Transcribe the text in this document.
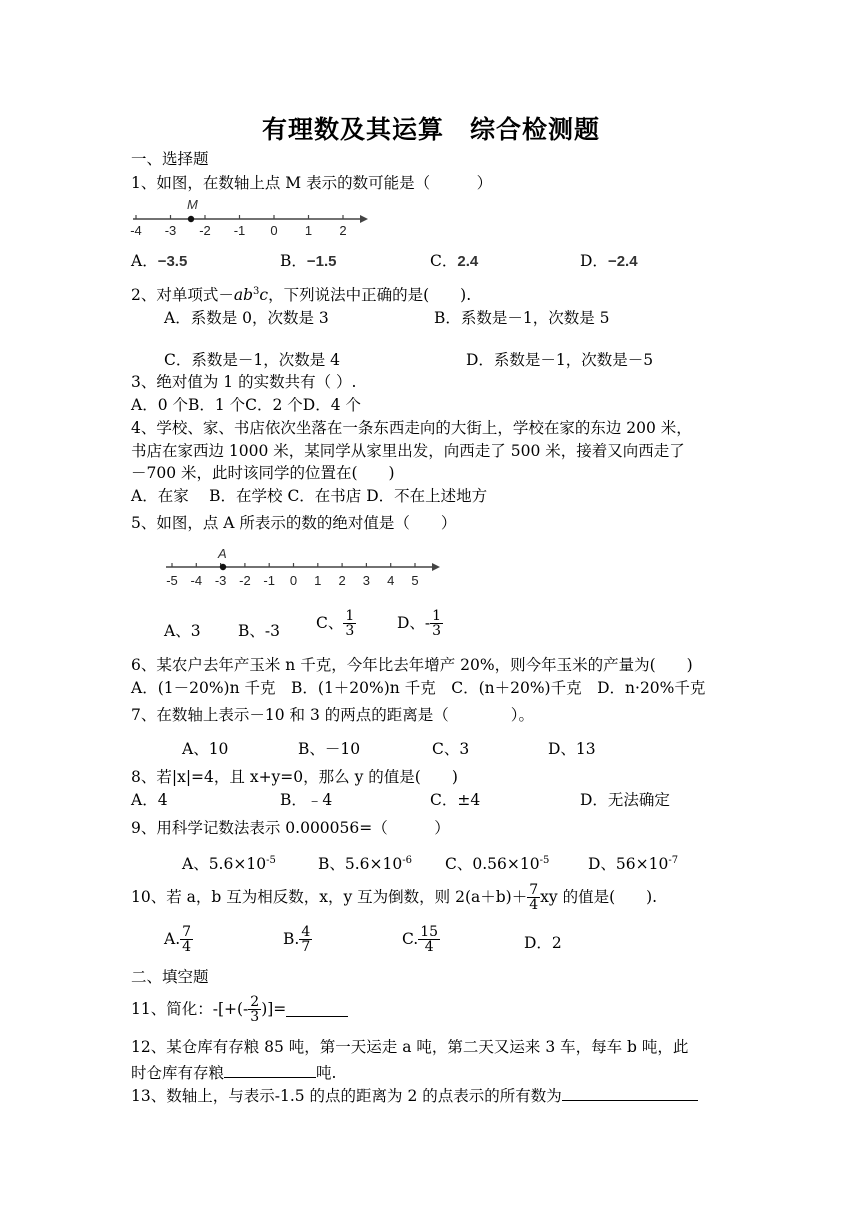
有理数及其运算　综合检测题
一、选择题
1、如图，在数轴上点 M 表示的数可能是（　　　）
-4 -3 -2 -1 0 1 2
M
A．−3.5	B．−1.5	C．2.4	D．−2.4
2、对单项式$-ab^3c$，下列说法中正确的是(　　).
A．系数是 0，次数是 3	B．系数是－1，次数是 5
C．系数是－1，次数是 4	D．系数是－1，次数是－5
3、绝对值为 1 的实数共有（ ）.
A．0 个B．1 个C．2 个D．4 个
4、学校、家、书店依次坐落在一条东西走向的大街上，学校在家的东边 200 米，
书店在家西边 1000 米，某同学从家里出发，向西走了 500 米，接着又向西走了
－700 米，此时该同学的位置在(　　)
A．在家　 B．在学校 C．在书店 D．不在上述地方
5、如图，点 A 所表示的数的绝对值是（　　）
-5 -4 -3 -2 -1 0 1 2 3 4 5
A
A、3 B、-3 C、 $\frac{1}{3}$	D、- $\frac{1}{3}$
6、某农户去年产玉米 n 千克，今年比去年增产 20%，则今年玉米的产量为(　　)
A．(1－20%)n 千克　B．(1＋20%)n 千克　C．(n＋20%)千克　D．n·20%千克
7、在数轴上表示－10 和 3 的两点的距离是（　　　　）。
A、10	B、－10	C、3	D、13
8、若|x|=4，且 x+y=0，那么 y 的值是(　　)
A．4	B．﹣4	C．±4	D．无法确定
9、用科学记数法表示 0.000056=（　　　）
A、$5.6\times 10^{-5}$	B、$5.6\times 10^{-6}$ C、$0.56\times 10^{-5}$ D、$56\times 10^{-7}$
10、若 a，b 互为相反数，x，y 互为倒数，则 $2(a+b)+ \frac{7}{4}$ xy 的值是(　　).
A. $\frac{7}{4}$	B. $\frac{4}{7}$	C. $\frac{15}{4}$	D．2
二、填空题
11、简化：-[+(- $\frac{2}{3}$ )]=
12、某仓库有存粮 85 吨，第一天运走 a 吨，第二天又运来 3 车，每车 b 吨，此
时仓库有存粮	吨.
13、数轴上，与表示-1.5 的点的距离为 2 的点表示的所有数为
